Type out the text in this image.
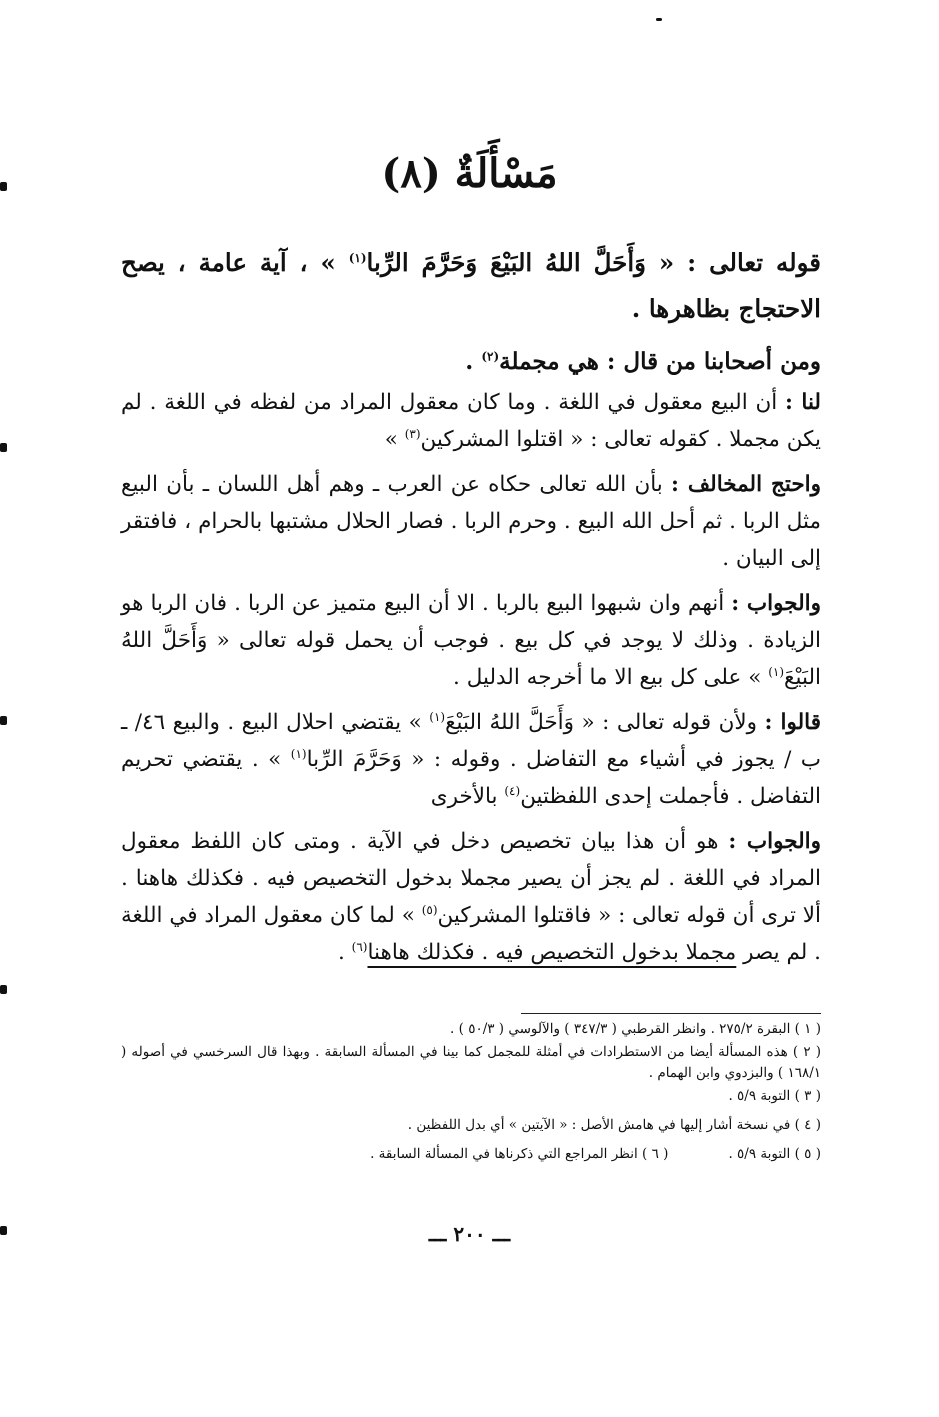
مَسْأَلَةٌ (٨)

قوله تعالى : « وَأَحَلَّ اللهُ البَيْعَ وَحَرَّمَ الرِّبا$^{(١)}$ » ، آية عامة ، يصح الاحتجاج بظاهرها .

ومن أصحابنا من قال : هي مجملة$^{(٢)}$ .

لنا : أن البيع معقول في اللغة . وما كان معقول المراد من لفظه في اللغة . لم يكن مجملا . كقوله تعالى : « اقتلوا المشركين$^{(٣)}$ »

واحتج المخالف : بأن الله تعالى حكاه عن العرب ـ وهم أهل اللسان ـ بأن البيع مثل الربا . ثم أحل الله البيع . وحرم الربا . فصار الحلال مشتبها بالحرام ، فافتقر إلى البيان .

والجواب : أنهم وان شبهوا البيع بالربا . الا أن البيع متميز عن الربا . فان الربا هو الزيادة . وذلك لا يوجد في كل بيع . فوجب أن يحمل قوله تعالى « وَأَحَلَّ اللهُ البَيْعَ$^{(١)}$ » على كل بيع الا ما أخرجه الدليل .

قالوا : ولأن قوله تعالى : « وَأَحَلَّ اللهُ البَيْعَ$^{(١)}$ » يقتضي احلال البيع . والبيع ٤٦/ ـ ب / يجوز في أشياء مع التفاضل . وقوله : « وَحَرَّمَ الرِّبا$^{(١)}$ » . يقتضي تحريم التفاضل . فأجملت إحدى اللفظتين$^{(٤)}$ بالأخرى

والجواب : هو أن هذا بيان تخصيص دخل في الآية . ومتى كان اللفظ معقول المراد في اللغة . لم يجز أن يصير مجملا بدخول التخصيص فيه . فكذلك هاهنا . ألا ترى أن قوله تعالى : « فاقتلوا المشركين$^{(٥)}$ » لما كان معقول المراد في اللغة . لم يصر مجملا بدخول التخصيص فيه . فكذلك هاهنا$^{(٦)}$ .

( ١ ) البقرة ٢٧٥/٢ . وانظر القرطبي ( ٣٤٧/٣ ) والآلوسي ( ٥٠/٣ ) .

( ٢ ) هذه المسألة أيضا من الاستطرادات في أمثلة للمجمل كما بينا في المسألة السابقة . وبهذا قال السرخسي في أصوله ( ١٦٨/١ ) والبزدوي وابن الهمام .

( ٣ ) التوبة ٥/٩ .

( ٤ ) في نسخة أشار إليها في هامش الأصل : « الآيتين » أي بدل اللفظين .

( ٥ ) التوبة ٥/٩ .
( ٦ ) انظر المراجع التي ذكرناها في المسألة السابقة .
ـــ ٢٠٠ ـــ
